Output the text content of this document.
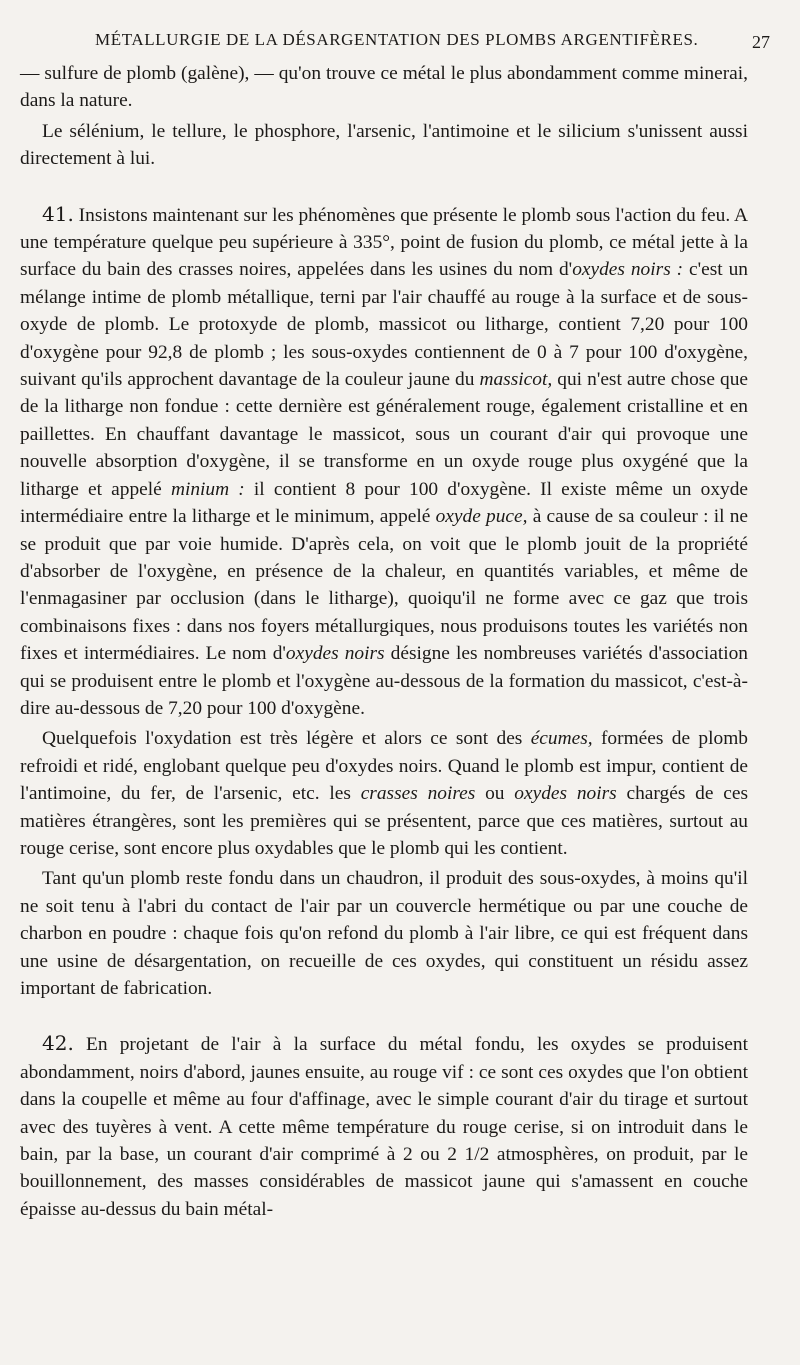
MÉTALLURGIE DE LA DÉSARGENTATION DES PLOMBS ARGENTIFÈRES.	27

— sulfure de plomb (galène), — qu'on trouve ce métal le plus abondamment comme minerai, dans la nature.

Le sélénium, le tellure, le phosphore, l'arsenic, l'antimoine et le silicium s'unissent aussi directement à lui.

41. Insistons maintenant sur les phénomènes que présente le plomb sous l'action du feu. A une température quelque peu supérieure à 335°, point de fusion du plomb, ce métal jette à la surface du bain des crasses noires, appelées dans les usines du nom d'oxydes noirs : c'est un mélange intime de plomb métallique, terni par l'air chauffé au rouge à la surface et de sous-oxyde de plomb. Le protoxyde de plomb, massicot ou litharge, contient 7,20 pour 100 d'oxygène pour 92,8 de plomb ; les sous-oxydes contiennent de 0 à 7 pour 100 d'oxygène, suivant qu'ils approchent davantage de la couleur jaune du massicot, qui n'est autre chose que de la litharge non fondue : cette dernière est généralement rouge, également cristalline et en paillettes. En chauffant davantage le massicot, sous un courant d'air qui provoque une nouvelle absorption d'oxygène, il se transforme en un oxyde rouge plus oxygéné que la litharge et appelé minium : il contient 8 pour 100 d'oxygène. Il existe même un oxyde intermédiaire entre la litharge et le minimum, appelé oxyde puce, à cause de sa couleur : il ne se produit que par voie humide. D'après cela, on voit que le plomb jouit de la propriété d'absorber de l'oxygène, en présence de la chaleur, en quantités variables, et même de l'enmagasiner par occlusion (dans le litharge), quoiqu'il ne forme avec ce gaz que trois combinaisons fixes : dans nos foyers métallurgiques, nous produisons toutes les variétés non fixes et intermédiaires. Le nom d'oxydes noirs désigne les nombreuses variétés d'association qui se produisent entre le plomb et l'oxygène au-dessous de la formation du massicot, c'est-à-dire au-dessous de 7,20 pour 100 d'oxygène.

Quelquefois l'oxydation est très légère et alors ce sont des écumes, formées de plomb refroidi et ridé, englobant quelque peu d'oxydes noirs. Quand le plomb est impur, contient de l'antimoine, du fer, de l'arsenic, etc. les crasses noires ou oxydes noirs chargés de ces matières étrangères, sont les premières qui se présentent, parce que ces matières, surtout au rouge cerise, sont encore plus oxydables que le plomb qui les contient.

Tant qu'un plomb reste fondu dans un chaudron, il produit des sous-oxydes, à moins qu'il ne soit tenu à l'abri du contact de l'air par un couvercle hermétique ou par une couche de charbon en poudre : chaque fois qu'on refond du plomb à l'air libre, ce qui est fréquent dans une usine de désargentation, on recueille de ces oxydes, qui constituent un résidu assez important de fabrication.

42. En projetant de l'air à la surface du métal fondu, les oxydes se produisent abondamment, noirs d'abord, jaunes ensuite, au rouge vif : ce sont ces oxydes que l'on obtient dans la coupelle et même au four d'affinage, avec le simple courant d'air du tirage et surtout avec des tuyères à vent. A cette même température du rouge cerise, si on introduit dans le bain, par la base, un courant d'air comprimé à 2 ou 2 1/2 atmosphères, on produit, par le bouillonnement, des masses considérables de massicot jaune qui s'amassent en couche épaisse au-dessus du bain métal-
